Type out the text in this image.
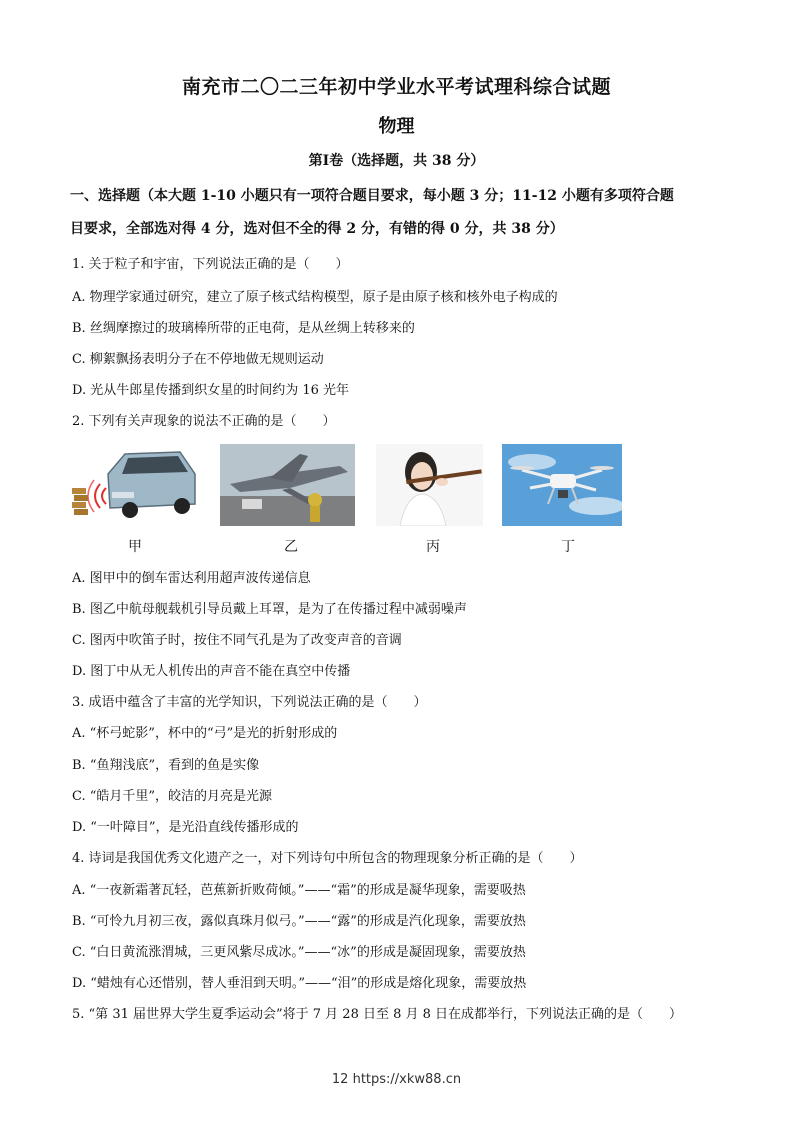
南充市二〇二三年初中学业水平考试理科综合试题
物理
第Ⅰ卷（选择题，共 38 分）
一、选择题（本大题 1-10 小题只有一项符合题目要求，每小题 3 分；11-12 小题有多项符合题
目要求，全部选对得 4 分，选对但不全的得 2 分，有错的得 0 分，共 38 分）
1. 关于粒子和宇宙，下列说法正确的是（　　）
A. 物理学家通过研究，建立了原子核式结构模型，原子是由原子核和核外电子构成的
B. 丝绸摩擦过的玻璃棒所带的正电荷，是从丝绸上转移来的
C. 柳絮飘扬表明分子在不停地做无规则运动
D. 光从牛郎星传播到织女星的时间约为 16 光年
2. 下列有关声现象的说法不正确的是（　　）
甲	乙	丙	丁
A. 图甲中的倒车雷达利用超声波传递信息
B. 图乙中航母舰载机引导员戴上耳罩，是为了在传播过程中减弱噪声
C. 图丙中吹笛子时，按住不同气孔是为了改变声音的音调
D. 图丁中从无人机传出的声音不能在真空中传播
3. 成语中蕴含了丰富的光学知识，下列说法正确的是（　　）
A. “杯弓蛇影”，杯中的“弓”是光的折射形成的
B. “鱼翔浅底”，看到的鱼是实像
C. “皓月千里”，皎洁的月亮是光源
D. “一叶障目”，是光沿直线传播形成的
4. 诗词是我国优秀文化遗产之一，对下列诗句中所包含的物理现象分析正确的是（　　）
A. “一夜新霜著瓦轻，芭蕉新折败荷倾。”——“霜”的形成是凝华现象，需要吸热
B. “可怜九月初三夜，露似真珠月似弓。”——“露”的形成是汽化现象，需要放热
C. “白日黄流涨渭城，三更风紫尽成冰。”——“冰”的形成是凝固现象，需要放热
D. “蜡烛有心还惜别，替人垂泪到天明。”——“泪”的形成是熔化现象，需要放热
5. “第 31 届世界大学生夏季运动会”将于 7 月 28 日至 8 月 8 日在成都举行，下列说法正确的是（　　）
12 https://xkw88.cn
